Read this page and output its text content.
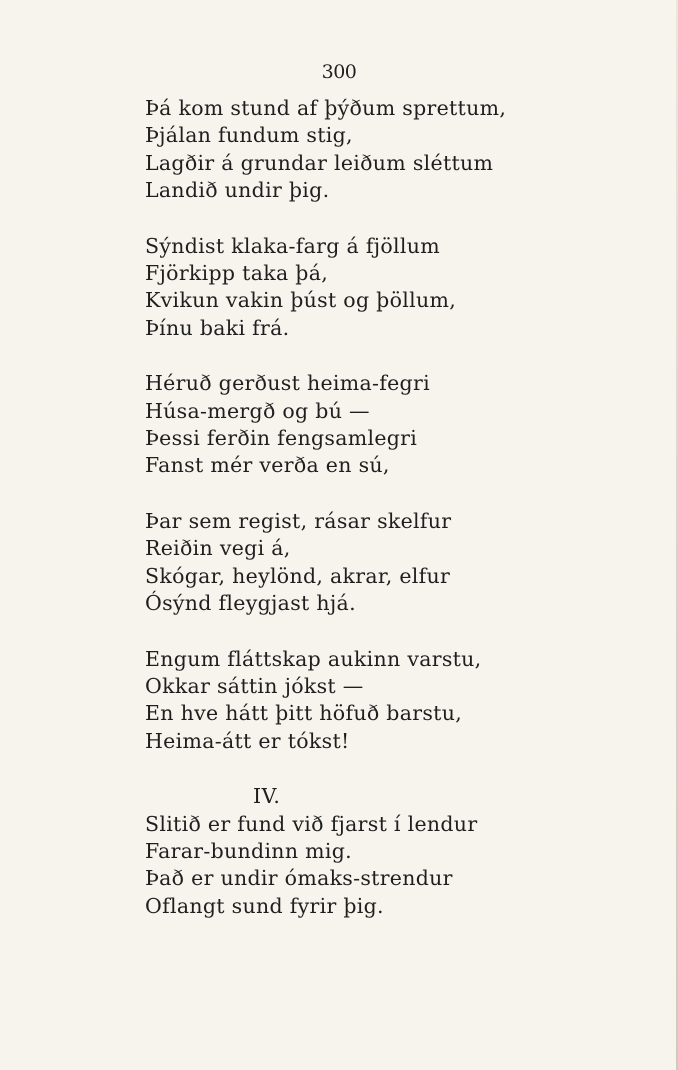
300
Þá kom stund af þýðum sprettum,
Þjálan fundum stig,
Lagðir á grundar leiðum sléttum
Landið undir þig.
Sýndist klaka-farg á fjöllum
Fjörkipp taka þá,
Kvikun vakin þúst og þöllum,
Þínu baki frá.
Héruð gerðust heima-fegri
Húsa-mergð og bú —
Þessi ferðin fengsamlegri
Fanst mér verða en sú,
Þar sem regist, rásar skelfur
Reiðin vegi á,
Skógar, heylönd, akrar, elfur
Ósýnd fleygjast hjá.
Engum fláttskap aukinn varstu,
Okkar sáttin jókst —
En hve hátt þitt höfuð barstu,
Heima-átt er tókst!
IV.
Slitið er fund við fjarst í lendur
Farar-bundinn mig.
Það er undir ómaks-strendur
Oflangt sund fyrir þig.
